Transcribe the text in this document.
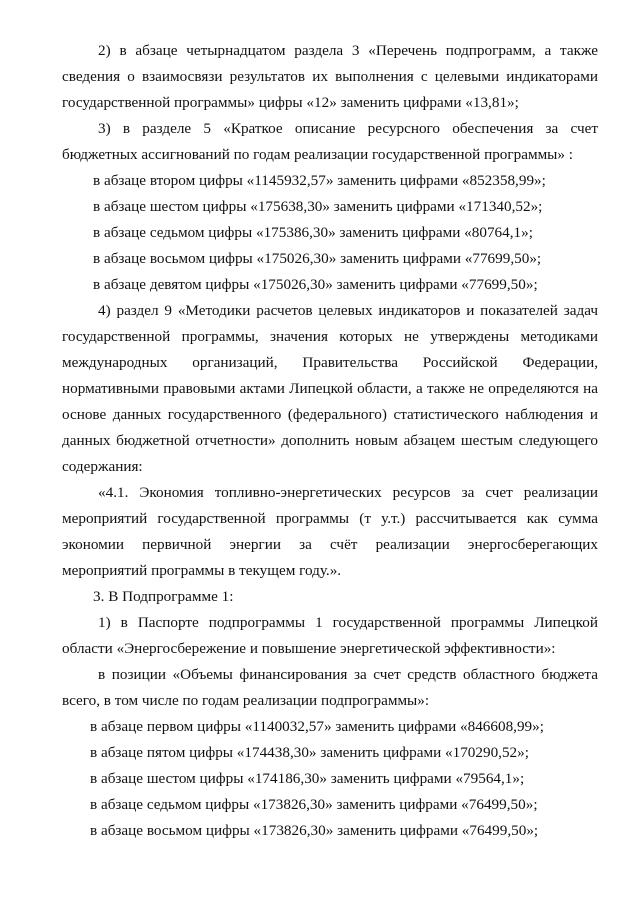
2) в абзаце четырнадцатом раздела 3 «Перечень подпрограмм, а также сведения о взаимосвязи результатов их выполнения с целевыми индикаторами государственной программы» цифры «12» заменить цифрами «13,81»;

3) в разделе 5 «Краткое описание ресурсного обеспечения за счет бюджетных ассигнований по годам реализации государственной программы» :

в абзаце втором цифры «1145932,57» заменить цифрами «852358,99»;

в абзаце шестом цифры «175638,30» заменить цифрами «171340,52»;

в абзаце седьмом цифры «175386,30» заменить цифрами «80764,1»;

в абзаце восьмом цифры «175026,30» заменить цифрами «77699,50»;

в абзаце девятом цифры «175026,30» заменить цифрами «77699,50»;

4) раздел 9 «Методики расчетов целевых индикаторов и показателей задач государственной программы, значения которых не утверждены методиками международных организаций, Правительства Российской Федерации, нормативными правовыми актами Липецкой области, а также не определяются на основе данных государственного (федерального) статистического наблюдения и данных бюджетной отчетности» дополнить новым абзацем шестым следующего содержания:

«4.1. Экономия топливно-энергетических ресурсов за счет реализации мероприятий государственной программы (т у.т.) рассчитывается как сумма экономии первичной энергии за счёт реализации энергосберегающих мероприятий программы в текущем году.».

3. В Подпрограмме 1:

1) в Паспорте подпрограммы 1 государственной программы Липецкой области «Энергосбережение и повышение энергетической эффективности»:

в позиции «Объемы финансирования за счет средств областного бюджета всего, в том числе по годам реализации подпрограммы»:

в абзаце первом цифры «1140032,57» заменить цифрами «846608,99»;

в абзаце пятом цифры «174438,30» заменить цифрами «170290,52»;

в абзаце шестом цифры «174186,30» заменить цифрами «79564,1»;

в абзаце седьмом цифры «173826,30» заменить цифрами «76499,50»;

в абзаце восьмом цифры «173826,30» заменить цифрами «76499,50»;
